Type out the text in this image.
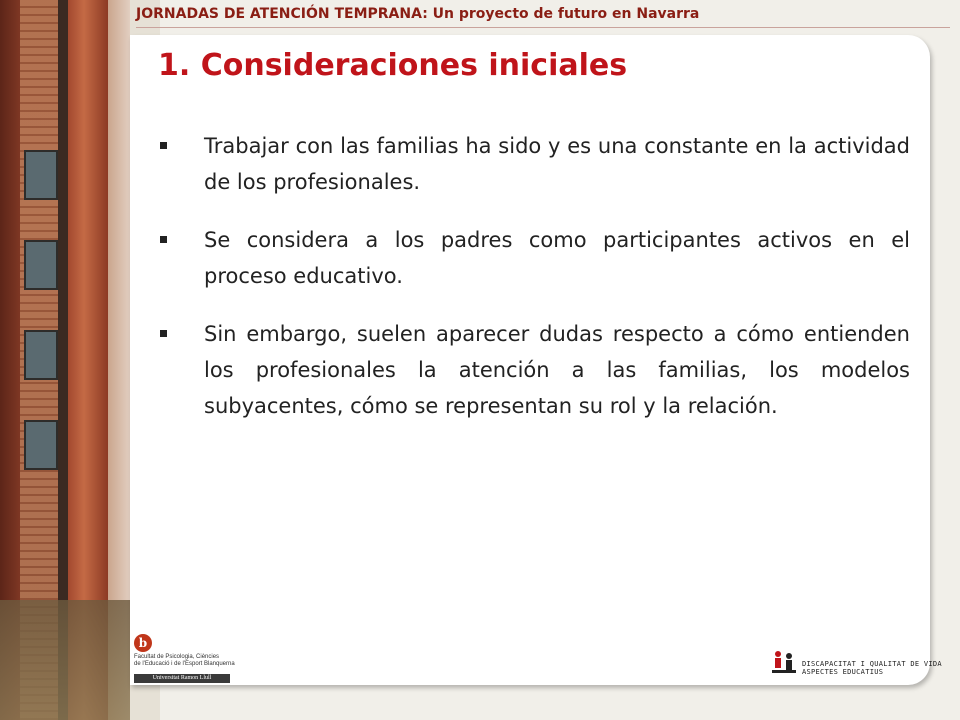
JORNADAS DE ATENCIÓN TEMPRANA: Un proyecto de futuro en Navarra
1. Consideraciones iniciales
Trabajar con las familias ha sido y es una constante en la actividad de los profesionales.
Se considera a los padres como participantes activos en el proceso educativo.
Sin embargo, suelen aparecer dudas respecto a cómo entienden los profesionales la atención a las familias, los modelos subyacentes, cómo se representan su rol y la relación.
b
Facultat de Psicologia, Ciències
de l'Educació i de l'Esport Blanquerna
Universitat Ramon Llull
DISCAPACITAT I QUALITAT DE VIDA
ASPECTES EDUCATIUS
